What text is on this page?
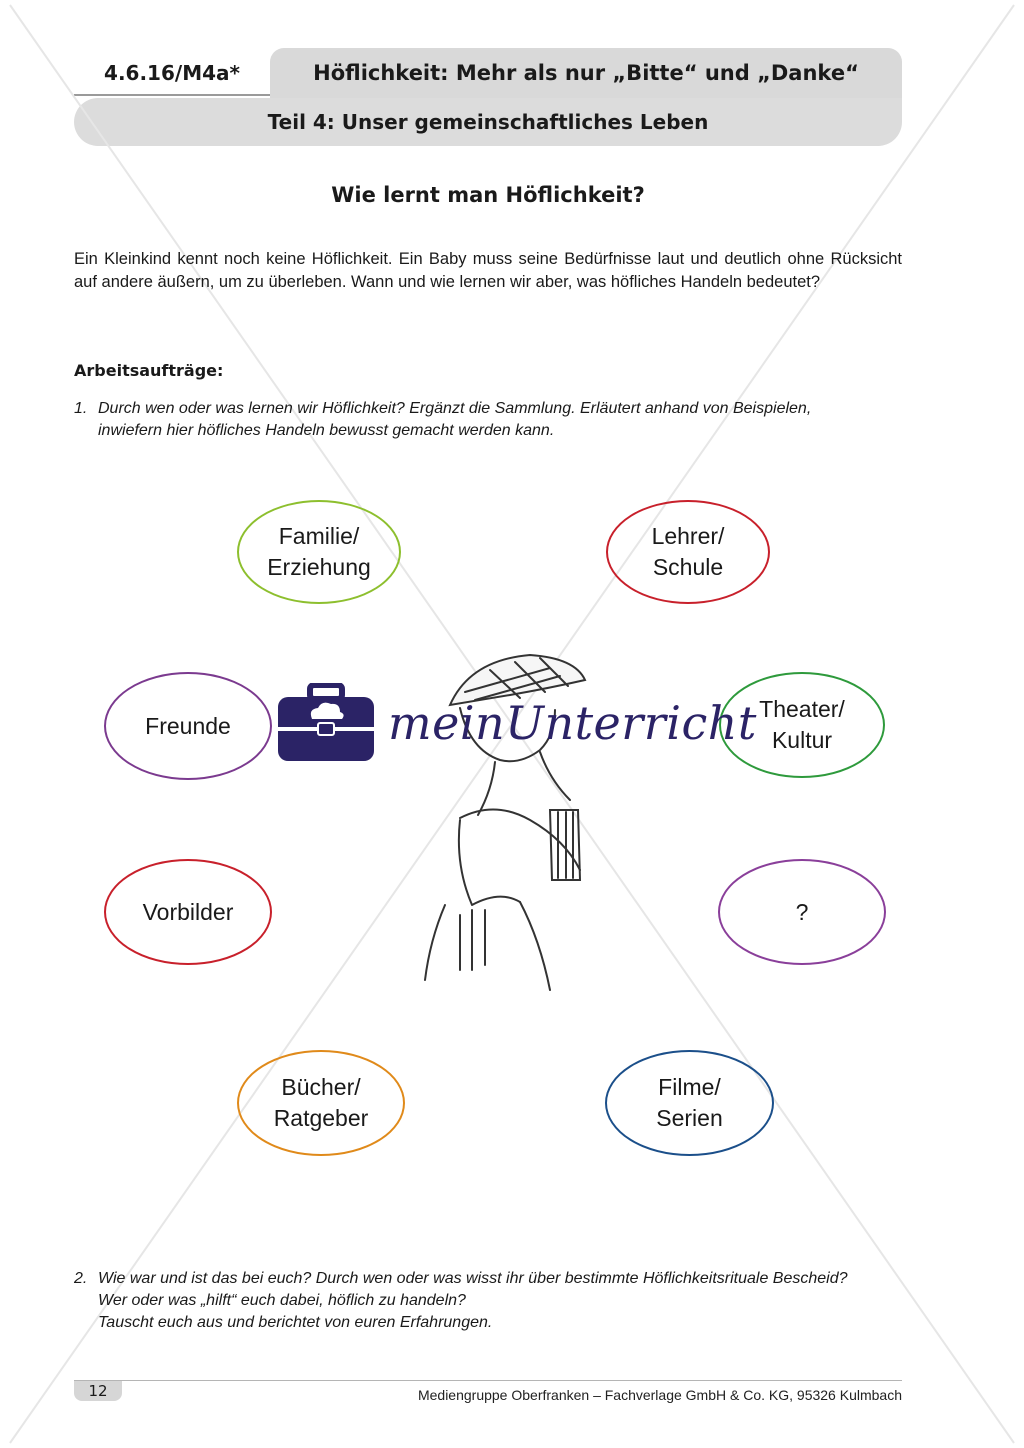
4.6.16/M4a*	Höflichkeit: Mehr als nur „Bitte“ und „Danke“
Teil 4: Unser gemeinschaftliches Leben
Wie lernt man Höflichkeit?
Ein Kleinkind kennt noch keine Höflichkeit. Ein Baby muss seine Bedürfnisse laut und deutlich ohne Rücksicht auf andere äußern, um zu überleben. Wann und wie lernen wir aber, was höfliches Handeln bedeutet?
Arbeitsaufträge:
1. Durch wen oder was lernen wir Höflichkeit? Ergänzt die Sammlung. Erläutert anhand von Beispielen,
inwiefern hier höfliches Handeln bewusst gemacht werden kann.
Familie/
Erziehung
Lehrer/
Schule
Freunde
Theater/
Kultur
Vorbilder	?
Bücher/
Ratgeber
Filme/
Serien
meinUnterricht
2. Wie war und ist das bei euch? Durch wen oder was wisst ihr über bestimmte Höflichkeitsrituale Bescheid?
Wer oder was „hilft“ euch dabei, höflich zu handeln?
Tauscht euch aus und berichtet von euren Erfahrungen.
12	Mediengruppe Oberfranken – Fachverlage GmbH & Co. KG, 95326 Kulmbach
